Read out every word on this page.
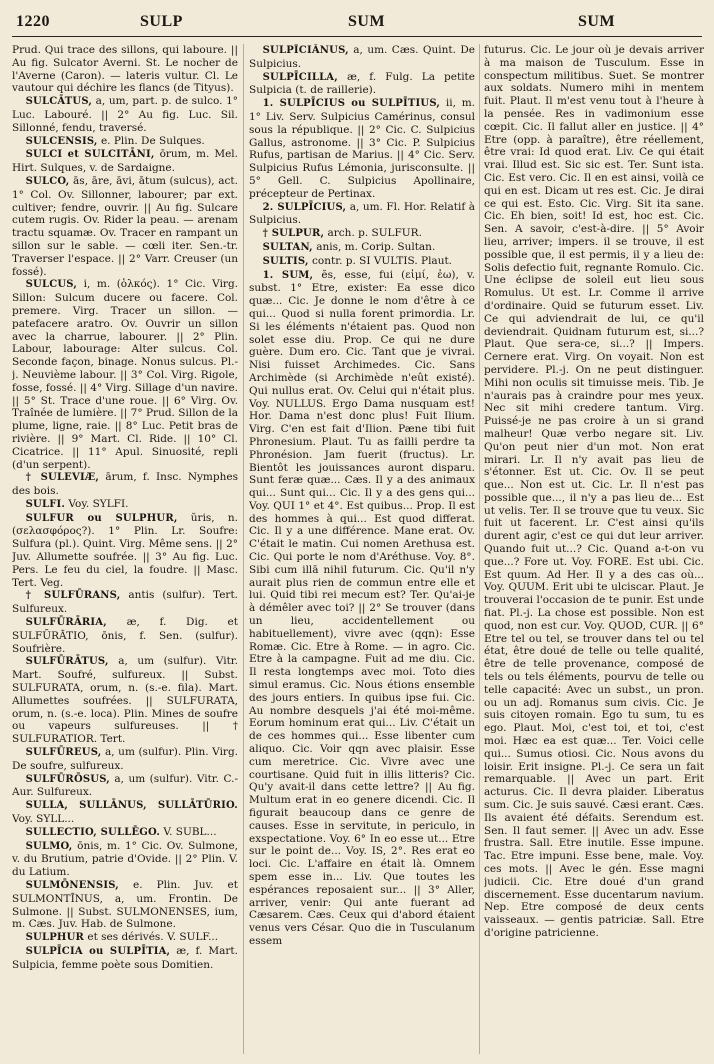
1220	SULP	SUM	SUM

Prud. Qui trace des sillons, qui laboure. || Au fig. Sulcator Averni. St. Le nocher de l'Averne (Caron). — lateris vultur. Cl. Le vautour qui déchire les flancs (de Tityus).

SULCĀTUS, a, um, part. p. de sulco. 1° Luc. Labouré. || 2° Au fig. Luc. Sil. Sillonné, fendu, traversé.

SULCENSIS, e. Plin. De Sulques.

SULCI et SULCITĀNI, ōrum, m. Mel. Hirt. Sulques, v. de Sardaigne.

SULCO, ās, āre, āvi, ātum (sulcus), act. 1° Col. Ov. Sillonner, labourer; par ext. cultiver; fendre, ouvrir. || Au fig. Sulcare cutem rugis. Ov. Rider la peau. — arenam tractu squamæ. Ov. Tracer en rampant un sillon sur le sable. — cœli iter. Sen.-tr. Traverser l'espace. || 2° Varr. Creuser (un fossé).

SULCUS, i, m. (ὁλκός). 1° Cic. Virg. Sillon: Sulcum ducere ou facere. Col. premere. Virg. Tracer un sillon. — patefacere aratro. Ov. Ouvrir un sillon avec la charrue, labourer. || 2° Plin. Labour, labourage: Alter sulcus. Col. Seconde façon, binage. Nonus sulcus. Pl.-j. Neuvième labour. || 3° Col. Virg. Rigole, fosse, fossé. || 4° Virg. Sillage d'un navire. || 5° St. Trace d'une roue. || 6° Virg. Ov. Traînée de lumière. || 7° Prud. Sillon de la plume, ligne, raie. || 8° Luc. Petit bras de rivière. || 9° Mart. Cl. Ride. || 10° Cl. Cicatrice. || 11° Apul. Sinuosité, repli (d'un serpent).

† SULEVIÆ, ārum, f. Insc. Nymphes des bois.

SULFI. Voy. SYLFI.

SULFUR ou SULPHUR, ŭris, n. (σελασφόρος?). 1° Plin. Lr. Soufre: Sulfura (pl.). Quint. Virg. Même sens. || 2° Juv. Allumette soufrée. || 3° Au fig. Luc. Pers. Le feu du ciel, la foudre. || Masc. Tert. Veg.

† SULFŪRANS, antis (sulfur). Tert. Sulfureux.

SULFŪRĀRIA, æ, f. Dig. et SULFŪRĀTIO, ōnis, f. Sen. (sulfur). Soufrière.

SULFŪRĀTUS, a, um (sulfur). Vitr. Mart. Soufré, sulfureux. || Subst. SULFURATA, orum, n. (s.-e. fila). Mart. Allumettes soufrées. || SULFURATA, orum, n. (s.-e. loca). Plin. Mines de soufre ou vapeurs sulfureuses. || † SULFURATIOR. Tert.

SULFŪREUS, a, um (sulfur). Plin. Virg. De soufre, sulfureux.

SULFŪRŌSUS, a, um (sulfur). Vitr. C.-Aur. Sulfureux.

SULLA, SULLĀNUS, SULLĀTŪRIO. Voy. SYLL...

SULLECTIO, SULLĒGO. V. SUBL...

SULMO, ōnis, m. 1° Cic. Ov. Sulmone, v. du Brutium, patrie d'Ovide. || 2° Plin. V. du Latium.

SULMŌNENSIS, e. Plin. Juv. et SULMONTĪNUS, a, um. Frontin. De Sulmone. || Subst. SULMONENSES, ium, m. Cæs. Juv. Hab. de Sulmone.

SULPHUR et ses dérivés. V. SULF...

SULPĪCIA ou SULPĪTIA, æ, f. Mart. Sulpicia, femme poète sous Domitien.

SULPĪCIĀNUS, a, um. Cæs. Quint. De Sulpicius.

SULPĪCILLA, æ, f. Fulg. La petite Sulpicia (t. de raillerie).

1. SULPĪCIUS ou SULPĪTIUS, ii, m. 1° Liv. Serv. Sulpicius Camérinus, consul sous la république. || 2° Cic. C. Sulpicius Gallus, astronome. || 3° Cic. P. Sulpicius Rufus, partisan de Marius. || 4° Cic. Serv. Sulpicius Rufus Lémonia, jurisconsulte. || 5° Gell. C. Sulpicius Apollinaire, précepteur de Pertinax.

2. SULPĪCIUS, a, um. Fl. Hor. Relatif à Sulpicius.

† SULPUR, arch. p. SULFUR.

SULTAN, anis, m. Corip. Sultan.

SULTIS, contr. p. SI VULTIS. Plaut.

1. SUM, ĕs, esse, fui (εἰμί, ἐω), v. subst. 1° Etre, exister: Ea esse dico quæ... Cic. Je donne le nom d'être à ce qui... Quod si nulla forent primordia. Lr. Si les éléments n'étaient pas. Quod non solet esse diu. Prop. Ce qui ne dure guère. Dum ero. Cic. Tant que je vivrai. Nisi fuisset Archimedes. Cic. Sans Archimède (si Archimède n'eût existé). Qui nullus erat. Ov. Celui qui n'était plus. Voy. NULLUS. Ergo Dama nusquam est! Hor. Dama n'est donc plus! Fuit Ilium. Virg. C'en est fait d'Ilion. Pæne tibi fuit Phronesium. Plaut. Tu as failli perdre ta Phronésion. Jam fuerit (fructus). Lr. Bientôt les jouissances auront disparu. Sunt feræ quæ... Cæs. Il y a des animaux qui... Sunt qui... Cic. Il y a des gens qui... Voy. QUI 1° et 4°. Est quibus... Prop. Il est des hommes à qui... Est quod differat. Cic. Il y a une différence. Mane erat. Ov. C'était le matin. Cui nomen Arethusa est. Cic. Qui porte le nom d'Aréthuse. Voy. 8°. Sibi cum illā nihil futurum. Cic. Qu'il n'y aurait plus rien de commun entre elle et lui. Quid tibi rei mecum est? Ter. Qu'ai-je à démêler avec toi? || 2° Se trouver (dans un lieu, accidentellement ou habituellement), vivre avec (qqn): Esse Romæ. Cic. Etre à Rome. — in agro. Cic. Etre à la campagne. Fuit ad me diu. Cic. Il resta longtemps avec moi. Toto dies simul eramus. Cic. Nous étions ensemble des jours entiers. In quibus ipse fui. Cic. Au nombre desquels j'ai été moi-même. Eorum hominum erat qui... Liv. C'était un de ces hommes qui... Esse libenter cum aliquo. Cic. Voir qqn avec plaisir. Esse cum meretrice. Cic. Vivre avec une courtisane. Quid fuit in illis litteris? Cic. Qu'y avait-il dans cette lettre? || Au fig. Multum erat in eo genere dicendi. Cic. Il figurait beaucoup dans ce genre de causes. Esse in servitute, in periculo, in exspectatione. Voy. 6° In eo esse ut... Etre sur le point de... Voy. IS, 2°. Res erat eo loci. Cic. L'affaire en était là. Omnem spem esse in... Liv. Que toutes les espérances reposaient sur... || 3° Aller, arriver, venir: Qui ante fuerant ad Cæsarem. Cæs. Ceux qui d'abord étaient venus vers César. Quo die in Tusculanum essem

futurus. Cic. Le jour où je devais arriver à ma maison de Tusculum. Esse in conspectum militibus. Suet. Se montrer aux soldats. Numero mihi in mentem fuit. Plaut. Il m'est venu tout à l'heure à la pensée. Res in vadimonium esse cœpit. Cic. Il fallut aller en justice. || 4° Etre (opp. à paraître), être réellement, être vrai: Id quod erat. Liv. Ce qui était vrai. Illud est. Sic sic est. Ter. Sunt ista. Cic. Est vero. Cic. Il en est ainsi, voilà ce qui en est. Dicam ut res est. Cic. Je dirai ce qui est. Esto. Cic. Virg. Sit ita sane. Cic. Eh bien, soit! Id est, hoc est. Cic. Sen. A savoir, c'est-à-dire. || 5° Avoir lieu, arriver; impers. il se trouve, il est possible que, il est permis, il y a lieu de: Solis defectio fuit, regnante Romulo. Cic. Une éclipse de soleil eut lieu sous Romulus. Ut est. Lr. Comme il arrive d'ordinaire. Quid se futurum esset. Liv. Ce qui adviendrait de lui, ce qu'il deviendrait. Quidnam futurum est, si...? Plaut. Que sera-ce, si...? || Impers. Cernere erat. Virg. On voyait. Non est pervidere. Pl.-j. On ne peut distinguer. Mihi non oculis sit timuisse meis. Tib. Je n'aurais pas à craindre pour mes yeux. Nec sit mihi credere tantum. Virg. Puissé-je ne pas croire à un si grand malheur! Quæ verbo negare sit. Liv. Qu'on peut nier d'un mot. Non erat mirari. Lr. Il n'y avait pas lieu de s'étonner. Est ut. Cic. Ov. Il se peut que... Non est ut. Cic. Lr. Il n'est pas possible que..., il n'y a pas lieu de... Est ut velis. Ter. Il se trouve que tu veux. Sic fuit ut facerent. Lr. C'est ainsi qu'ils durent agir, c'est ce qui dut leur arriver. Quando fuit ut...? Cic. Quand a-t-on vu que...? Fore ut. Voy. FORE. Est ubi. Cic. Est quum. Ad Her. Il y a des cas où... Voy. QUUM. Erit ubi te ulciscar. Plaut. Je trouverai l'occasion de te punir. Est unde fiat. Pl.-j. La chose est possible. Non est quod, non est cur. Voy. QUOD, CUR. || 6° Etre tel ou tel, se trouver dans tel ou tel état, être doué de telle ou telle qualité, être de telle provenance, composé de tels ou tels éléments, pourvu de telle ou telle capacité: Avec un subst., un pron. ou un adj. Romanus sum civis. Cic. Je suis citoyen romain. Ego tu sum, tu es ego. Plaut. Moi, c'est toi, et toi, c'est moi. Hæc ea est quæ... Ter. Voici celle qui... Sumus otiosi. Cic. Nous avons du loisir. Erit insigne. Pl.-j. Ce sera un fait remarquable. || Avec un part. Erit acturus. Cic. Il devra plaider. Liberatus sum. Cic. Je suis sauvé. Cæsi erant. Cæs. Ils avaient été défaits. Serendum est. Sen. Il faut semer. || Avec un adv. Esse frustra. Sall. Etre inutile. Esse impune. Tac. Etre impuni. Esse bene, male. Voy. ces mots. || Avec le gén. Esse magni judicii. Cic. Etre doué d'un grand discernement. Esse ducentarum navium. Nep. Etre composé de deux cents vaisseaux. — gentis patriciæ. Sall. Etre d'origine patricienne.
